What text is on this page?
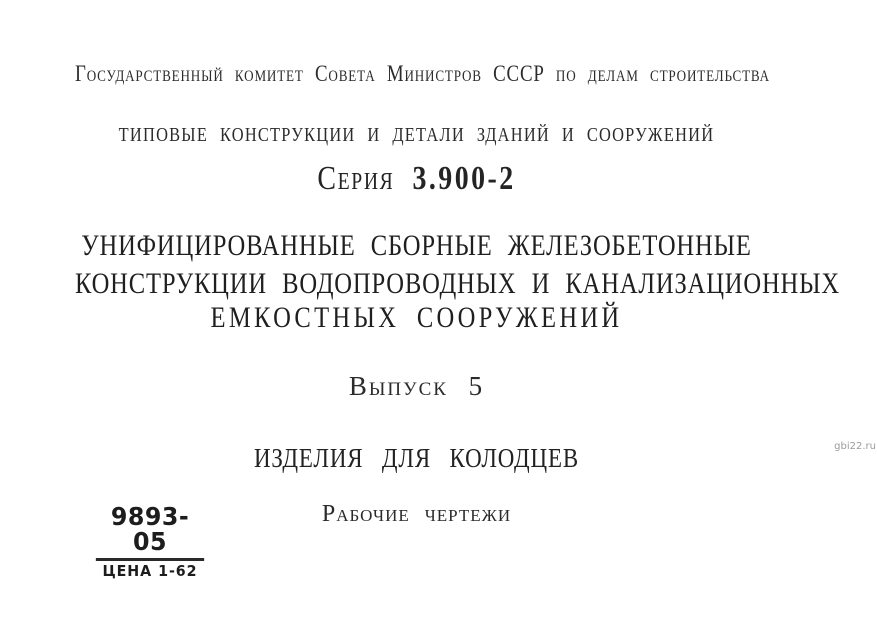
Государственный комитет Совета Министров СССР по делам строительства
ТИПОВЫЕ КОНСТРУКЦИИ И ДЕТАЛИ ЗДАНИЙ И СООРУЖЕНИЙ
Серия 3.900-2
УНИФИЦИРОВАННЫЕ СБОРНЫЕ ЖЕЛЕЗОБЕТОННЫЕ
КОНСТРУКЦИИ ВОДОПРОВОДНЫХ И КАНАЛИЗАЦИОННЫХ
ЕМКОСТНЫХ СООРУЖЕНИЙ
Выпуск 5
ИЗДЕЛИЯ ДЛЯ КОЛОДЦЕВ
Рабочие чертежи
9893-05
ЦЕНА 1-62
gbi22.ru
